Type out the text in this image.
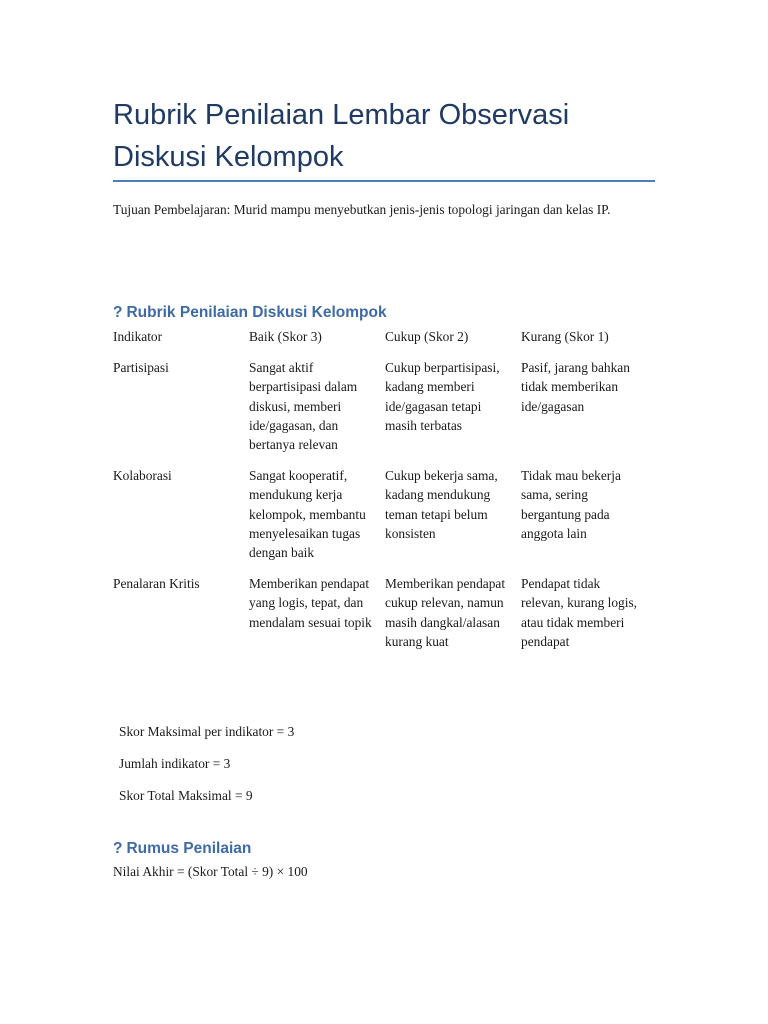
Rubrik Penilaian Lembar Observasi Diskusi Kelompok

Tujuan Pembelajaran: Murid mampu menyebutkan jenis-jenis topologi jaringan dan kelas IP.

? Rubrik Penilaian Diskusi Kelompok
Indikator	Baik (Skor 3)	Cukup (Skor 2)	Kurang (Skor 1)
Partisipasi	Sangat aktif berpartisipasi dalam diskusi, memberi ide/gagasan, dan bertanya relevan	Cukup berpartisipasi, kadang memberi ide/gagasan tetapi masih terbatas	Pasif, jarang bahkan tidak memberikan ide/gagasan
Kolaborasi	Sangat kooperatif, mendukung kerja kelompok, membantu menyelesaikan tugas dengan baik	Cukup bekerja sama, kadang mendukung teman tetapi belum konsisten	Tidak mau bekerja sama, sering bergantung pada anggota lain
Penalaran Kritis	Memberikan pendapat yang logis, tepat, dan mendalam sesuai topik	Memberikan pendapat cukup relevan, namun masih dangkal/alasan kurang kuat	Pendapat tidak relevan, kurang logis, atau tidak memberi pendapat

Skor Maksimal per indikator = 3

Jumlah indikator = 3

Skor Total Maksimal = 9

? Rumus Penilaian

Nilai Akhir = (Skor Total ÷ 9) × 100
